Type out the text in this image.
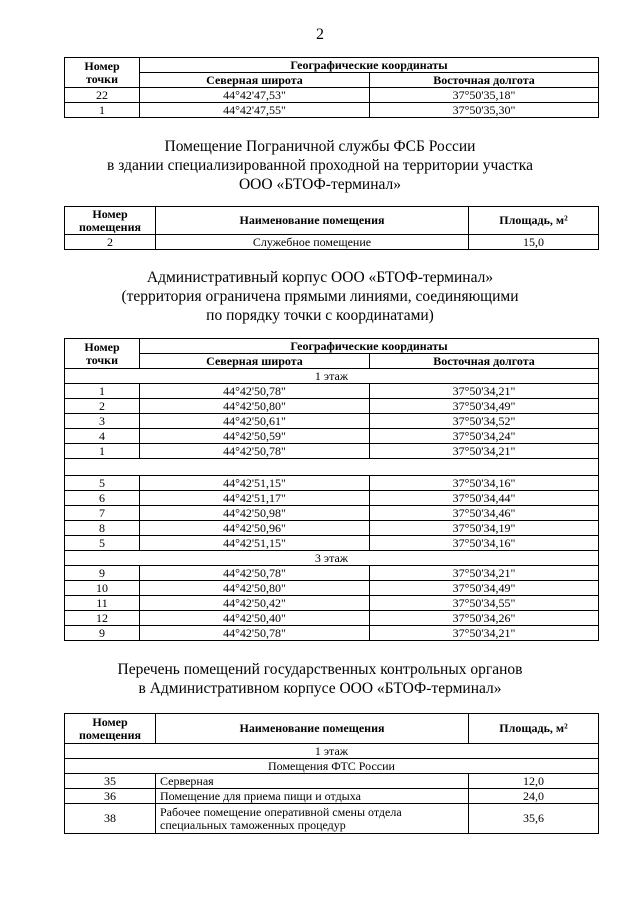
2
Номер
точки	Географические координаты	
	Северная широта	Восточная долгота
22	44°42'47,53"	37°50'35,18"
1	44°42'47,55"	37°50'35,30"
Помещение Пограничной службы ФСБ России
в здании специализированной проходной на территории участка
ООО «БТОФ-терминал»
Номер
помещения	Наименование помещения	Площадь, м²
2	Служебное помещение	15,0
Административный корпус ООО «БТОФ-терминал»
(территория ограничена прямыми линиями, соединяющими
по порядку точки с координатами)
Номер
точки	Географические координаты	
	Северная широта	Восточная долгота
1 этаж		
1	44°42'50,78"	37°50'34,21"
2	44°42'50,80"	37°50'34,49"
3	44°42'50,61"	37°50'34,52"
4	44°42'50,59"	37°50'34,24"
1	44°42'50,78"	37°50'34,21"

5	44°42'51,15"	37°50'34,16"
6	44°42'51,17"	37°50'34,44"
7	44°42'50,98"	37°50'34,46"
8	44°42'50,96"	37°50'34,19"
5	44°42'51,15"	37°50'34,16"
3 этаж		
9	44°42'50,78"	37°50'34,21"
10	44°42'50,80"	37°50'34,49"
11	44°42'50,42"	37°50'34,55"
12	44°42'50,40"	37°50'34,26"
9	44°42'50,78"	37°50'34,21"
Перечень помещений государственных контрольных органов
в Административном корпусе ООО «БТОФ-терминал»
Номер
помещения	Наименование помещения	Площадь, м²
1 этаж		
Помещения ФТС России		
35	Серверная	12,0
36	Помещение для приема пищи и отдыха	24,0
38	Рабочее помещение оперативной смены отдела
специальных таможенных процедур	35,6
